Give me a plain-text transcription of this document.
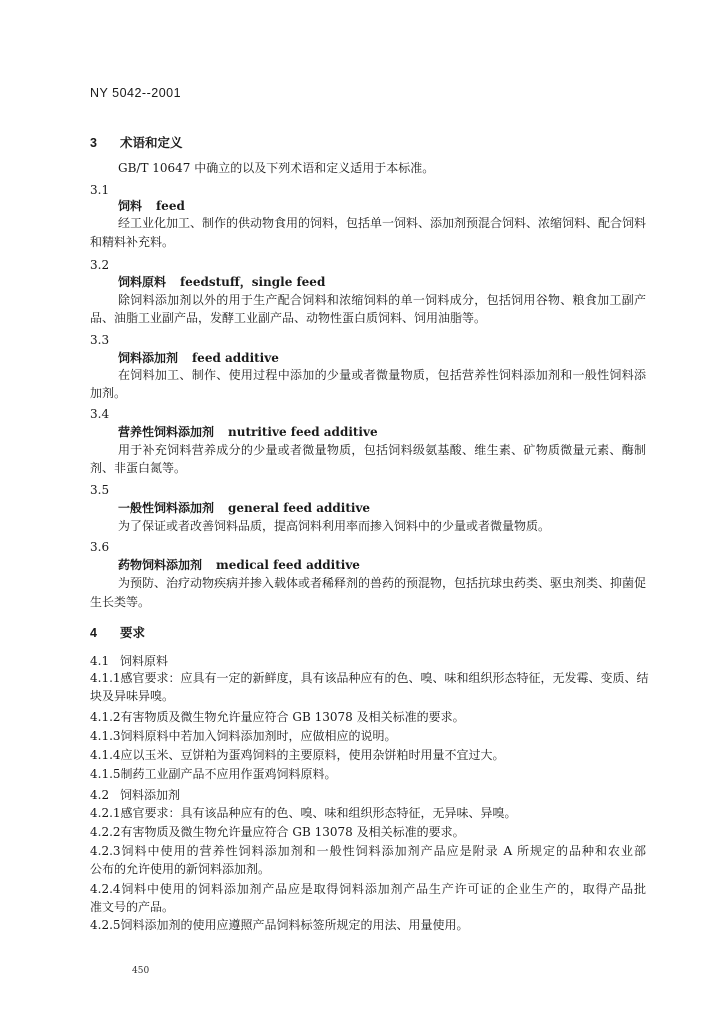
NY 5042--2001
3 术语和定义
GB/T 10647 中确立的以及下列术语和定义适用于本标准。
3.1
饲料 feed
经工业化加工、制作的供动物食用的饲料，包括单一饲料、添加剂预混合饲料、浓缩饲料、配合饲料
和精料补充料。
3.2
饲料原料 feedstuff，single feed
除饲料添加剂以外的用于生产配合饲料和浓缩饲料的单一饲料成分，包括饲用谷物、粮食加工副产
品、油脂工业副产品，发酵工业副产品、动物性蛋白质饲料、饲用油脂等。
3.3
饲料添加剂 feed additive
在饲料加工、制作、使用过程中添加的少量或者微量物质，包括营养性饲料添加剂和一般性饲料添
加剂。
3.4
营养性饲料添加剂 nutritive feed additive
用于补充饲料营养成分的少量或者微量物质，包括饲料级氨基酸、维生素、矿物质微量元素、酶制
剂、非蛋白氮等。
3.5
一般性饲料添加剂 general feed additive
为了保证或者改善饲料品质，提高饲料利用率而掺入饲料中的少量或者微量物质。
3.6
药物饲料添加剂 medical feed additive
为预防、治疗动物疾病并掺入载体或者稀释剂的兽药的预混物，包括抗球虫药类、驱虫剂类、抑菌促
生长类等。
4 要求
4.1 饲料原料
4.1.1感官要求：应具有一定的新鲜度，具有该品种应有的色、嗅、味和组织形态特征，无发霉、变质、结
块及异味异嗅。
4.1.2有害物质及微生物允许量应符合 GB 13078 及相关标准的要求。
4.1.3饲料原料中若加入饲料添加剂时，应做相应的说明。
4.1.4应以玉米、豆饼粕为蛋鸡饲料的主要原料，使用杂饼粕时用量不宜过大。
4.1.5制药工业副产品不应用作蛋鸡饲料原料。
4.2 饲料添加剂
4.2.1感官要求：具有该品种应有的色、嗅、味和组织形态特征，无异味、异嗅。
4.2.2有害物质及微生物允许量应符合 GB 13078 及相关标准的要求。
4.2.3饲料中使用的营养性饲料添加剂和一般性饲料添加剂产品应是附录 A 所规定的品种和农业部
公布的允许使用的新饲料添加剂。
4.2.4饲料中使用的饲料添加剂产品应是取得饲料添加剂产品生产许可证的企业生产的，取得产品批
准文号的产品。
4.2.5饲料添加剂的使用应遵照产品饲料标签所规定的用法、用量使用。
450
